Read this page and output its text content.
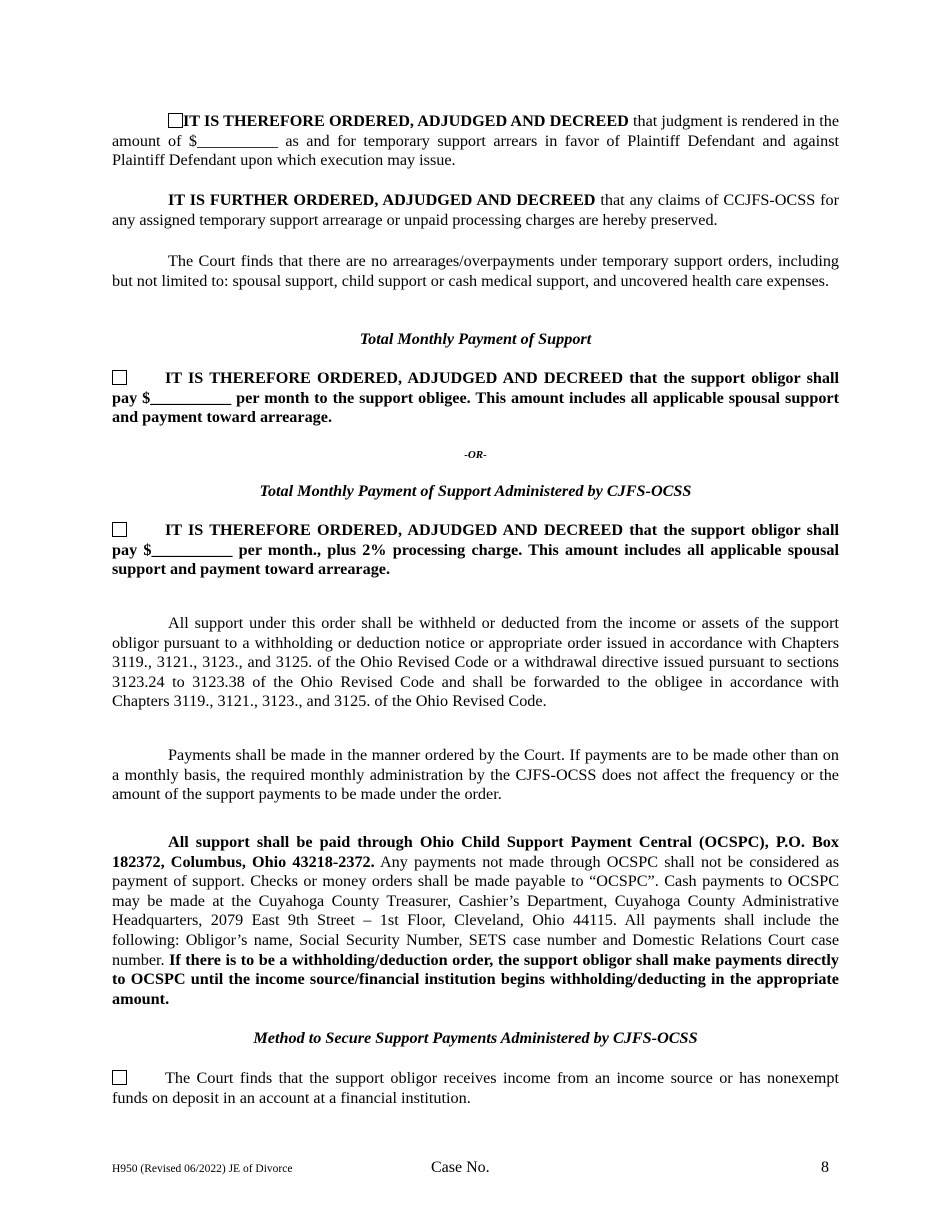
IT IS THEREFORE ORDERED, ADJUDGED AND DECREED that judgment is rendered in the amount of $__________ as and for temporary support arrears in favor of Plaintiff Defendant and against Plaintiff Defendant upon which execution may issue.
IT IS FURTHER ORDERED, ADJUDGED AND DECREED that any claims of CCJFS-OCSS for any assigned temporary support arrearage or unpaid processing charges are hereby preserved.
The Court finds that there are no arrearages/overpayments under temporary support orders, including but not limited to: spousal support, child support or cash medical support, and uncovered health care expenses.
Total Monthly Payment of Support
IT IS THEREFORE ORDERED, ADJUDGED AND DECREED that the support obligor shall pay $__________ per month to the support obligee. This amount includes all applicable spousal support and payment toward arrearage.
-OR-
Total Monthly Payment of Support Administered by CJFS-OCSS
IT IS THEREFORE ORDERED, ADJUDGED AND DECREED that the support obligor shall pay $__________ per month., plus 2% processing charge. This amount includes all applicable spousal support and payment toward arrearage.
All support under this order shall be withheld or deducted from the income or assets of the support obligor pursuant to a withholding or deduction notice or appropriate order issued in accordance with Chapters 3119., 3121., 3123., and 3125. of the Ohio Revised Code or a withdrawal directive issued pursuant to sections 3123.24 to 3123.38 of the Ohio Revised Code and shall be forwarded to the obligee in accordance with Chapters 3119., 3121., 3123., and 3125. of the Ohio Revised Code.
Payments shall be made in the manner ordered by the Court. If payments are to be made other than on a monthly basis, the required monthly administration by the CJFS-OCSS does not affect the frequency or the amount of the support payments to be made under the order.
All support shall be paid through Ohio Child Support Payment Central (OCSPC), P.O. Box 182372, Columbus, Ohio 43218-2372. Any payments not made through OCSPC shall not be considered as payment of support. Checks or money orders shall be made payable to “OCSPC”. Cash payments to OCSPC may be made at the Cuyahoga County Treasurer, Cashier’s Department, Cuyahoga County Administrative Headquarters, 2079 East 9th Street – 1st Floor, Cleveland, Ohio 44115. All payments shall include the following: Obligor’s name, Social Security Number, SETS case number and Domestic Relations Court case number. If there is to be a withholding/deduction order, the support obligor shall make payments directly to OCSPC until the income source/financial institution begins withholding/deducting in the appropriate amount.
Method to Secure Support Payments Administered by CJFS-OCSS
The Court finds that the support obligor receives income from an income source or has nonexempt funds on deposit in an account at a financial institution.
H950 (Revised 06/2022) JE of Divorce	Case No.	8
